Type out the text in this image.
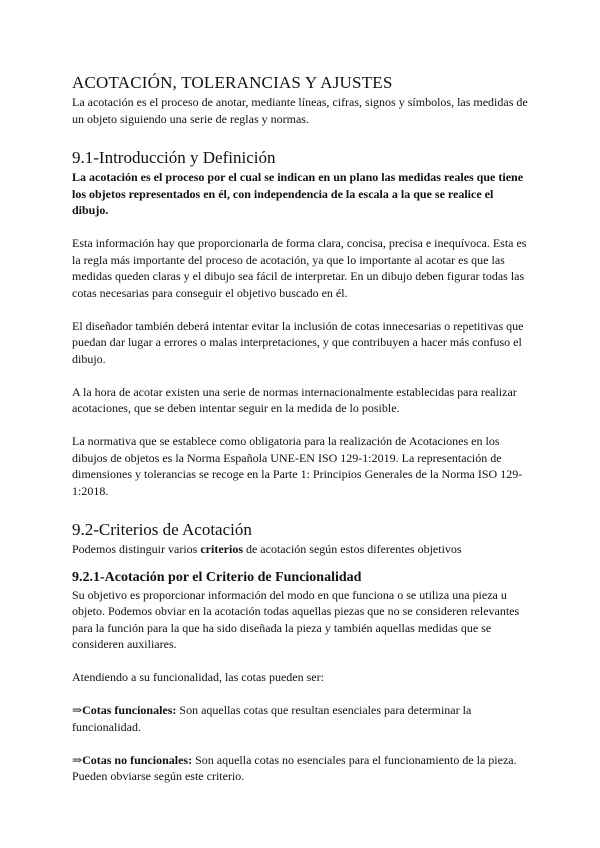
ACOTACIÓN, TOLERANCIAS Y AJUSTES

La acotación es el proceso de anotar, mediante líneas, cifras, signos y símbolos, las medidas de un objeto siguiendo una serie de reglas y normas.

9.1-Introducción y Definición

La acotación es el proceso por el cual se indican en un plano las medidas reales que tiene los objetos representados en él, con independencia de la escala a la que se realice el dibujo.

Esta información hay que proporcionarla de forma clara, concisa, precisa e inequívoca. Esta es la regla más importante del proceso de acotación, ya que lo importante al acotar es que las medidas queden claras y el dibujo sea fácil de interpretar. En un dibujo deben figurar todas las cotas necesarias para conseguir el objetivo buscado en él.

El diseñador también deberá intentar evitar la inclusión de cotas innecesarias o repetitivas que puedan dar lugar a errores o malas interpretaciones, y que contribuyen a hacer más confuso el dibujo.

A la hora de acotar existen una serie de normas internacionalmente establecidas para realizar acotaciones, que se deben intentar seguir en la medida de lo posible.

La normativa que se establece como obligatoria para la realización de Acotaciones en los dibujos de objetos es la Norma Española UNE-EN ISO 129-1:2019. La representación de dimensiones y tolerancias se recoge en la Parte 1: Principios Generales de la Norma ISO 129-1:2018.

9.2-Criterios de Acotación

Podemos distinguir varios criterios de acotación según estos diferentes objetivos

9.2.1-Acotación por el Criterio de Funcionalidad

Su objetivo es proporcionar información del modo en que funciona o se utiliza una pieza u objeto. Podemos obviar en la acotación todas aquellas piezas que no se consideren relevantes para la función para la que ha sido diseñada la pieza y también aquellas medidas que se consideren auxiliares.

Atendiendo a su funcionalidad, las cotas pueden ser:

⇒Cotas funcionales: Son aquellas cotas que resultan esenciales para determinar la funcionalidad.

⇒Cotas no funcionales: Son aquella cotas no esenciales para el funcionamiento de la pieza. Pueden obviarse según este criterio.
